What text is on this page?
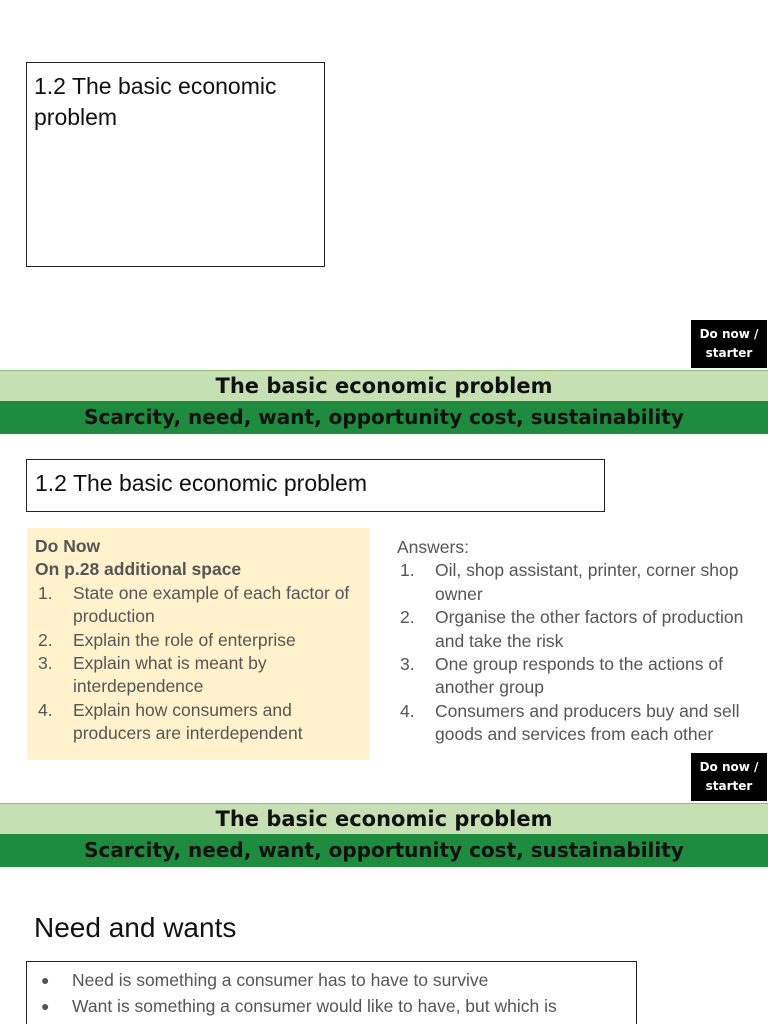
1.2 The basic economic problem
Do now /
starter
The basic economic problem
Scarcity, need, want, opportunity cost, sustainability
1.2 The basic economic problem
Do Now
On p.28 additional space
1. State one example of each factor of production
2. Explain the role of enterprise
3. Explain what is meant by interdependence
4. Explain how consumers and producers are interdependent
Answers:
1. Oil, shop assistant, printer, corner shop owner
2. Organise the other factors of production and take the risk
3. One group responds to the actions of another group
4. Consumers and producers buy and sell goods and services from each other
Do now /
starter
The basic economic problem
Scarcity, need, want, opportunity cost, sustainability
Need and wants
● Need is something a consumer has to have to survive
● Want is something a consumer would like to have, but which is
